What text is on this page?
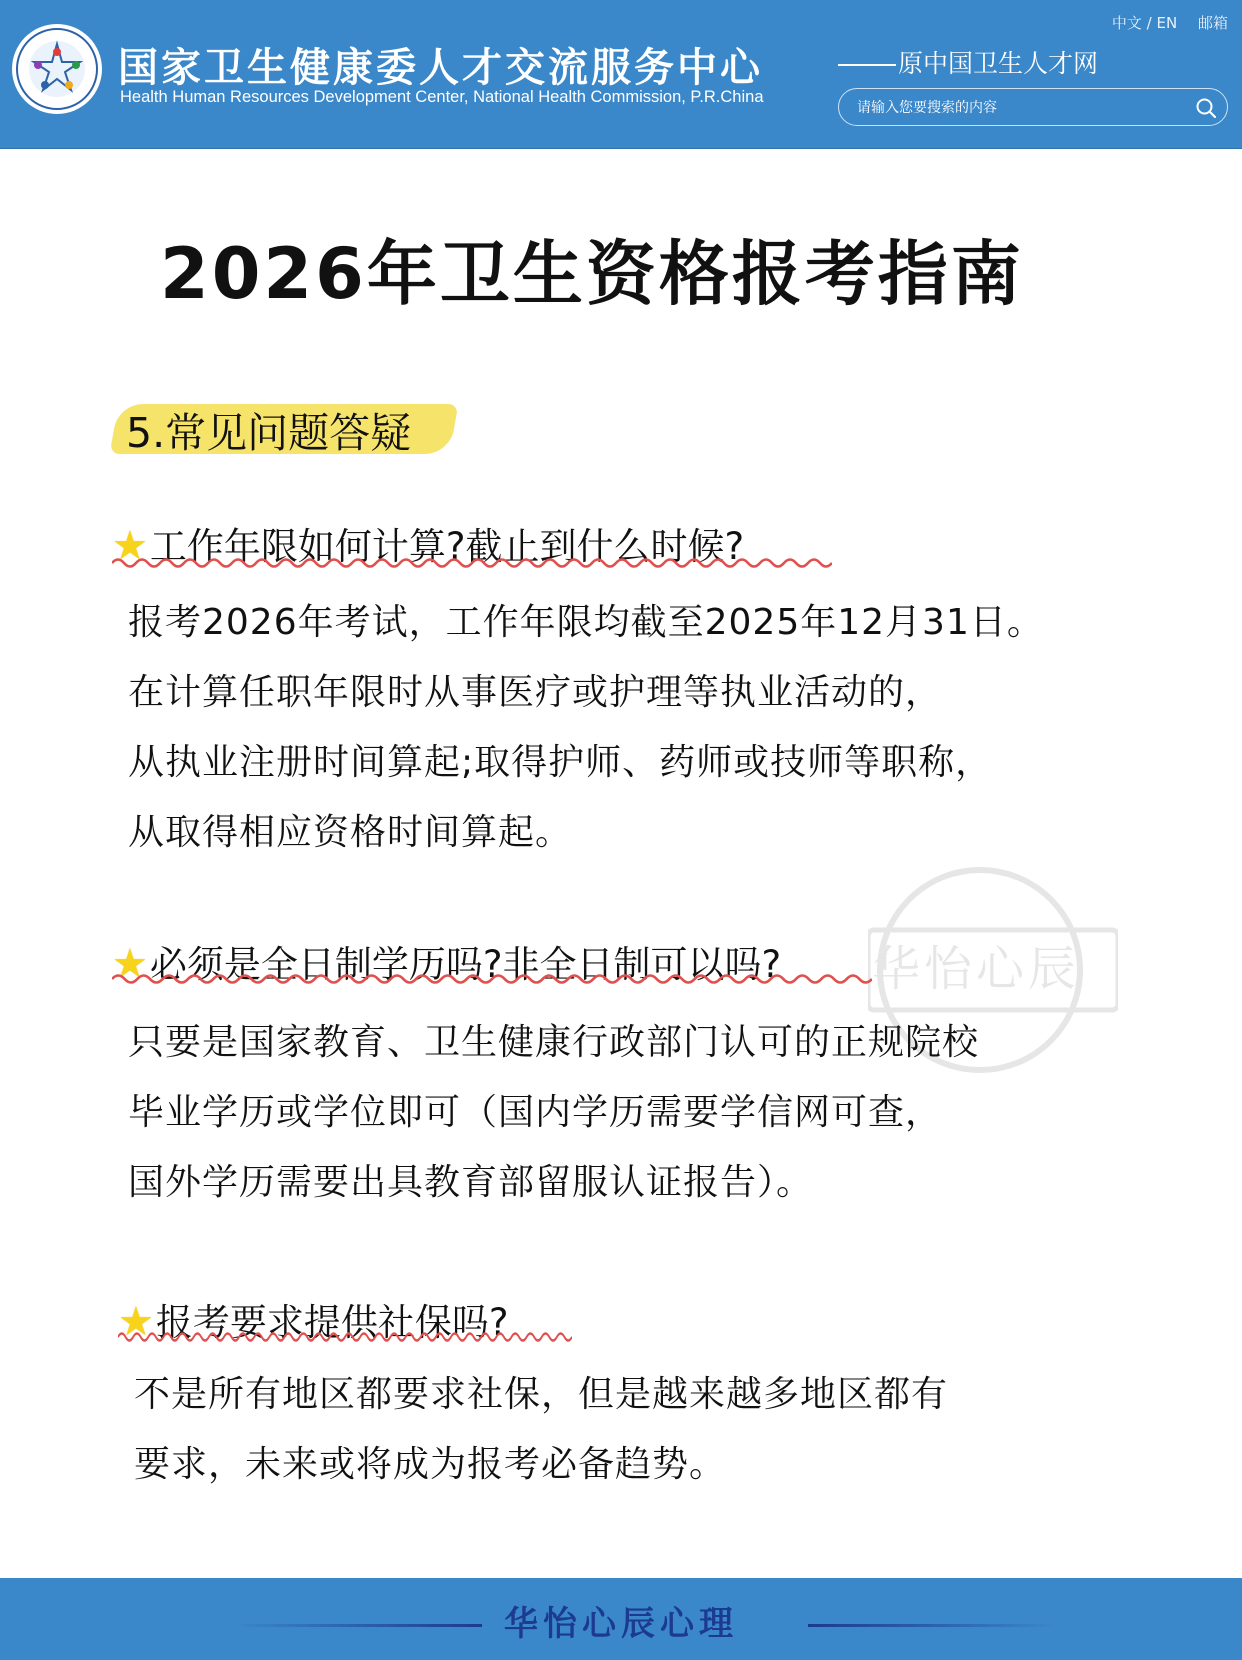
国家卫生健康委人才交流服务中心
Health Human Resources Development Center, National Health Commission, P.R.China
中文 / EN 邮箱
原中国卫生人才网
请输入您要搜索的内容
2026年卫生资格报考指南
5.常见问题答疑
华怡心辰
★工作年限如何计算?截止到什么时候?
报考2026年考试，工作年限均截至2025年12月31日。
在计算任职年限时从事医疗或护理等执业活动的，
从执业注册时间算起;取得护师、药师或技师等职称，
从取得相应资格时间算起。
★必须是全日制学历吗?非全日制可以吗?
只要是国家教育、卫生健康行政部门认可的正规院校
毕业学历或学位即可（国内学历需要学信网可查，
国外学历需要出具教育部留服认证报告）。
★报考要求提供社保吗?
不是所有地区都要求社保，但是越来越多地区都有
要求，未来或将成为报考必备趋势。
华怡心辰心理
